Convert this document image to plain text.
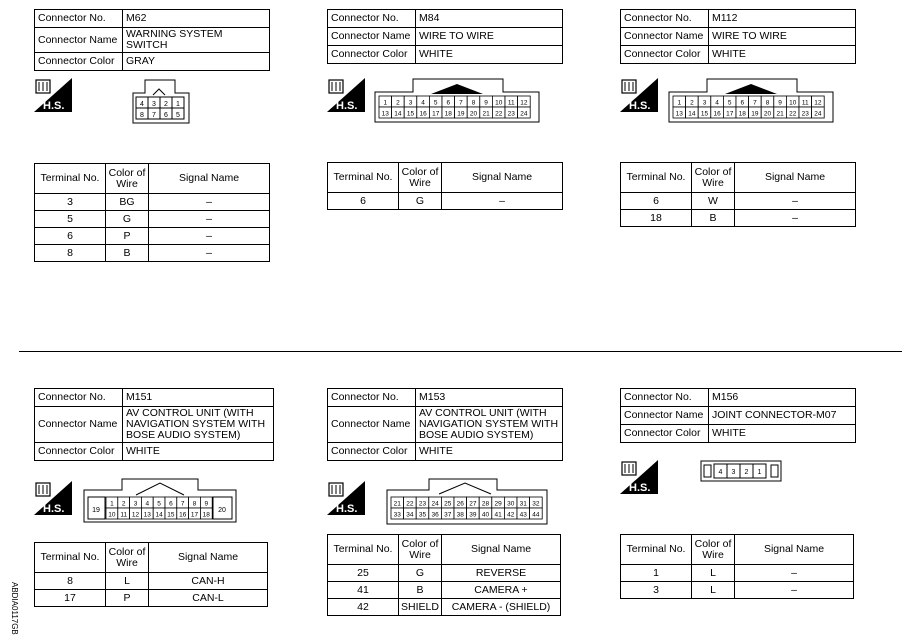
Connector No.	M62
Connector Name	WARNING SYSTEM SWITCH
Connector Color	GRAY
H.S.	4 3 2 1
8 7 6 5
Terminal No.	Color of Wire	Signal Name
3	BG	–
5	G	–
6	P	–
8	B	–
Connector No.	M84
Connector Name	WIRE TO WIRE
Connector Color	WHITE
H.S.	1 2 3 4 5 6 7 8 9 10 11 12
13 14 15 16 17 18 19 20 21 22 23 24
Terminal No.	Color of Wire	Signal Name
6	G	–
Connector No.	M112
Connector Name	WIRE TO WIRE
Connector Color	WHITE
H.S.	1 2 3 4 5 6 7 8 9 10 11 12
13 14 15 16 17 18 19 20 21 22 23 24
Terminal No.	Color of Wire	Signal Name
6	W	–
18	B	–
Connector No.	M151
Connector Name	AV CONTROL UNIT (WITH NAVIGATION SYSTEM WITH BOSE AUDIO SYSTEM)
Connector Color	WHITE
H.S.	19	20
1 2 3 4 5 6 7 8 9
10 11 12 13 14 15 16 17 18
Terminal No.	Color of Wire	Signal Name
8	L	CAN-H
17	P	CAN-L
Connector No.	M153
Connector Name	AV CONTROL UNIT (WITH NAVIGATION SYSTEM WITH BOSE AUDIO SYSTEM)
Connector Color	WHITE
H.S.	21 22 23 24 25 26 27 28 29 30 31 32
33 34 35 36 37 38 39 40 41 42 43 44
Terminal No.	Color of Wire	Signal Name
25	G	REVERSE
41	B	CAMERA +
42	SHIELD	CAMERA - (SHIELD)
Connector No.	M156
Connector Name	JOINT CONNECTOR-M07
Connector Color	WHITE
H.S.
4 3 2 1
Terminal No.	Color of Wire	Signal Name
1	L	–
3	L	–
ABDIA0117GB
